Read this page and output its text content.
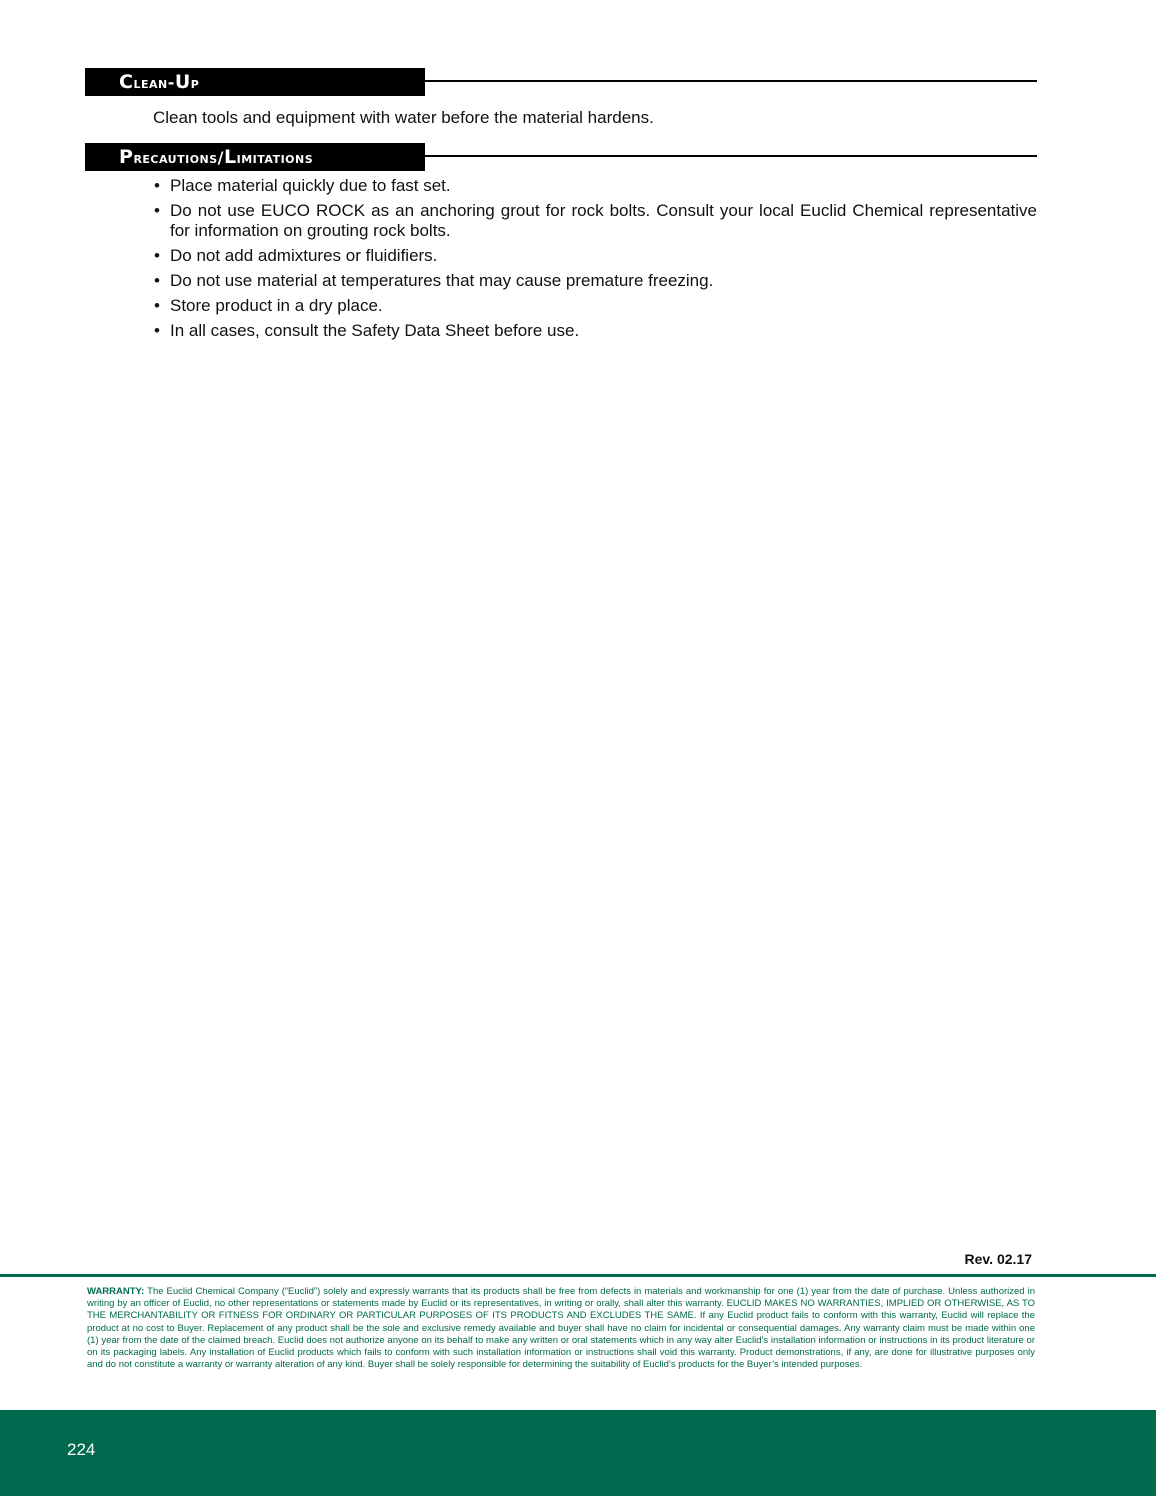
Clean-Up
Clean tools and equipment with water before the material hardens.
Precautions/Limitations
• Place material quickly due to fast set.
• Do not use EUCO ROCK as an anchoring grout for rock bolts. Consult your local Euclid Chemical representative for information on grouting rock bolts.
• Do not add admixtures or fluidifiers.
• Do not use material at temperatures that may cause premature freezing.
• Store product in a dry place.
• In all cases, consult the Safety Data Sheet before use.
Rev. 02.17
WARRANTY: The Euclid Chemical Company (“Euclid”) solely and expressly warrants that its products shall be free from defects in materials and workmanship for one (1) year from the date of purchase. Unless authorized in writing by an officer of Euclid, no other representations or statements made by Euclid or its representatives, in writing or orally, shall alter this warranty. EUCLID MAKES NO WARRANTIES, IMPLIED OR OTHERWISE, AS TO THE MERCHANTABILITY OR FITNESS FOR ORDINARY OR PARTICULAR PURPOSES OF ITS PRODUCTS AND EXCLUDES THE SAME. If any Euclid product fails to conform with this warranty, Euclid will replace the product at no cost to Buyer. Replacement of any product shall be the sole and exclusive remedy available and buyer shall have no claim for incidental or consequential damages. Any warranty claim must be made within one (1) year from the date of the claimed breach. Euclid does not authorize anyone on its behalf to make any written or oral statements which in any way alter Euclid’s installation information or instructions in its product literature or on its packaging labels. Any installation of Euclid products which fails to conform with such installation information or instructions shall void this warranty. Product demonstrations, if any, are done for illustrative purposes only and do not constitute a warranty or warranty alteration of any kind. Buyer shall be solely responsible for determining the suitability of Euclid’s products for the Buyer’s intended purposes.
224
